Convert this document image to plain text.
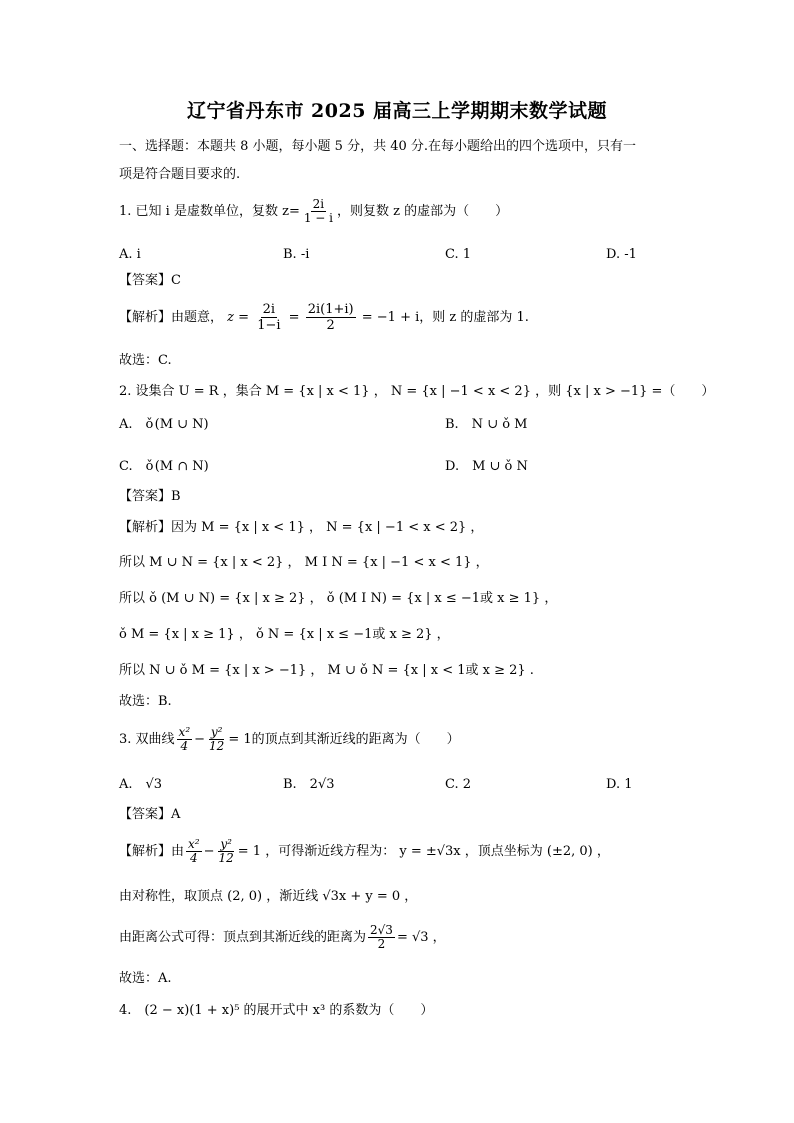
辽宁省丹东市 2025 届高三上学期期末数学试题
一、选择题：本题共 8 小题，每小题 5 分，共 40 分.在每小题给出的四个选项中，只有一
项是符合题目要求的.
1. 已知 i 是虚数单位，复数 $z= \frac{2i}{1 - i}$ ，则复数 z 的虚部为（　　）
A. i	B. -i	C. 1	D. -1
【答案】C
【解析】由题意， $z = \frac{2i}{1-i} = \frac{2i(1+i)}{2} = -1 + i$，则 z 的虚部为 1.
故选：C.
2. 设集合 U = R ，集合 M = {x | x < 1} ， N = {x | −1 < x < 2} ，则 {x | x > −1} =（　　）
A.　ǒ (M ∪ N)	B.　N ∪ ǒ M
C.　ǒ (M ∩ N)	D.　M ∪ ǒ N
【答案】B
【解析】因为 M = {x | x < 1} ， N = {x | −1 < x < 2} ，
所以 M ∪ N = {x | x < 2} ， M I N = {x | −1 < x < 1} ，
所以 ǒ (M ∪ N) = {x | x ≥ 2} ， ǒ (M I N) = {x | x ≤ −1或 x ≥ 1} ，
ǒ M = {x | x ≥ 1} ， ǒ N = {x | x ≤ −1或 x ≥ 2} ，
所以 N ∪ ǒ M = {x | x > −1} ， M ∪ ǒ N = {x | x < 1或 x ≥ 2} .
故选：B.
3. 双曲线 $\frac{\text{x²}}{4} - \frac{\text{y²}}{12} = 1$的顶点到其渐近线的距离为（　　）
A.　√3	B.　2√3	C. 2	D. 1
【答案】A
【解析】由 $\frac{\text{x²}}{4} - \frac{\text{y²}}{12} = 1$ ，可得渐近线方程为： y = ±√3x ，顶点坐标为 (±2, 0) ，
由对称性，取顶点 (2, 0) ，渐近线 √3x + y = 0 ，
由距离公式可得：顶点到其渐近线的距离为 $\frac{2√3}{2} = √3$ ，
故选：A.
4.　(2 − x)(1 + x)⁵ 的展开式中 x³ 的系数为（　　）
